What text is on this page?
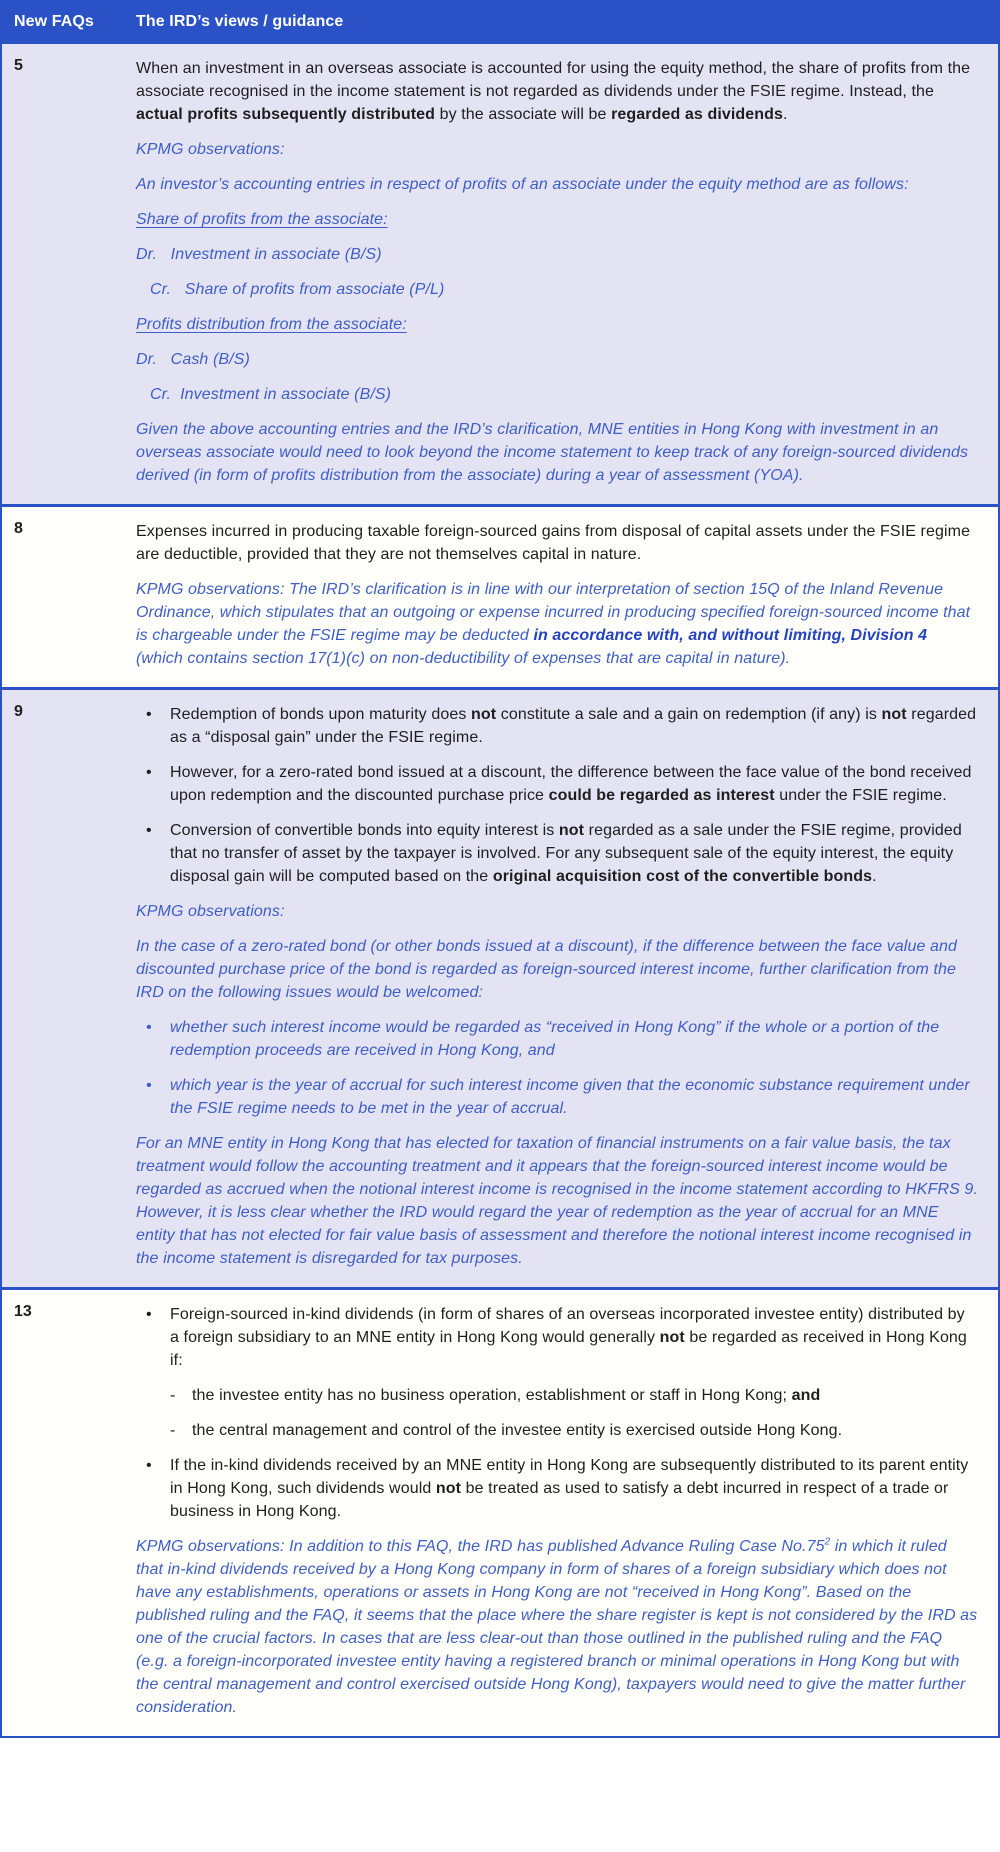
New FAQs	The IRD’s views / guidance
5	When an investment in an overseas associate is accounted for using the equity method, the share of profits from the associate recognised in the income statement is not regarded as dividends under the FSIE regime. Instead, the actual profits subsequently distributed by the associate will be regarded as dividends.

KPMG observations:

An investor’s accounting entries in respect of profits of an associate under the equity method are as follows:

Share of profits from the associate:

Dr.   Investment in associate (B/S)

Cr.   Share of profits from associate (P/L)

Profits distribution from the associate:

Dr.   Cash (B/S)

Cr.  Investment in associate (B/S)

Given the above accounting entries and the IRD’s clarification, MNE entities in Hong Kong with investment in an overseas associate would need to look beyond the income statement to keep track of any foreign-sourced dividends derived (in form of profits distribution from the associate) during a year of assessment (YOA).

8	Expenses incurred in producing taxable foreign-sourced gains from disposal of capital assets under the FSIE regime are deductible, provided that they are not themselves capital in nature.

KPMG observations: The IRD’s clarification is in line with our interpretation of section 15Q of the Inland Revenue Ordinance, which stipulates that an outgoing or expense incurred in producing specified foreign-sourced income that is chargeable under the FSIE regime may be deducted in accordance with, and without limiting, Division 4 (which contains section 17(1)(c) on non-deductibility of expenses that are capital in nature).

9	•	Redemption of bonds upon maturity does not constitute a sale and a gain on redemption (if any) is not regarded as a “disposal gain” under the FSIE regime.
•	However, for a zero-rated bond issued at a discount, the difference between the face value of the bond received upon redemption and the discounted purchase price could be regarded as interest under the FSIE regime.
•	Conversion of convertible bonds into equity interest is not regarded as a sale under the FSIE regime, provided that no transfer of asset by the taxpayer is involved. For any subsequent sale of the equity interest, the equity disposal gain will be computed based on the original acquisition cost of the convertible bonds.

KPMG observations:

In the case of a zero-rated bond (or other bonds issued at a discount), if the difference between the face value and discounted purchase price of the bond is regarded as foreign-sourced interest income, further clarification from the IRD on the following issues would be welcomed:

•	whether such interest income would be regarded as “received in Hong Kong” if the whole or a portion of the redemption proceeds are received in Hong Kong, and
•	which year is the year of accrual for such interest income given that the economic substance requirement under the FSIE regime needs to be met in the year of accrual.

For an MNE entity in Hong Kong that has elected for taxation of financial instruments on a fair value basis, the tax treatment would follow the accounting treatment and it appears that the foreign-sourced interest income would be regarded as accrued when the notional interest income is recognised in the income statement according to HKFRS 9. However, it is less clear whether the IRD would regard the year of redemption as the year of accrual for an MNE entity that has not elected for fair value basis of assessment and therefore the notional interest income recognised in the income statement is disregarded for tax purposes.

13	•	Foreign-sourced in-kind dividends (in form of shares of an overseas incorporated investee entity) distributed by a foreign subsidiary to an MNE entity in Hong Kong would generally not be regarded as received in Hong Kong if:
-	the investee entity has no business operation, establishment or staff in Hong Kong; and
-	the central management and control of the investee entity is exercised outside Hong Kong.
•	If the in-kind dividends received by an MNE entity in Hong Kong are subsequently distributed to its parent entity in Hong Kong, such dividends would not be treated as used to satisfy a debt incurred in respect of a trade or business in Hong Kong.

KPMG observations: In addition to this FAQ, the IRD has published Advance Ruling Case $No.75^2$ in which it ruled that in-kind dividends received by a Hong Kong company in form of shares of a foreign subsidiary which does not have any establishments, operations or assets in Hong Kong are not “received in Hong Kong”. Based on the published ruling and the FAQ, it seems that the place where the share register is kept is not considered by the IRD as one of the crucial factors. In cases that are less clear-out than those outlined in the published ruling and the FAQ (e.g. a foreign-incorporated investee entity having a registered branch or minimal operations in Hong Kong but with the central management and control exercised outside Hong Kong), taxpayers would need to give the matter further consideration.
